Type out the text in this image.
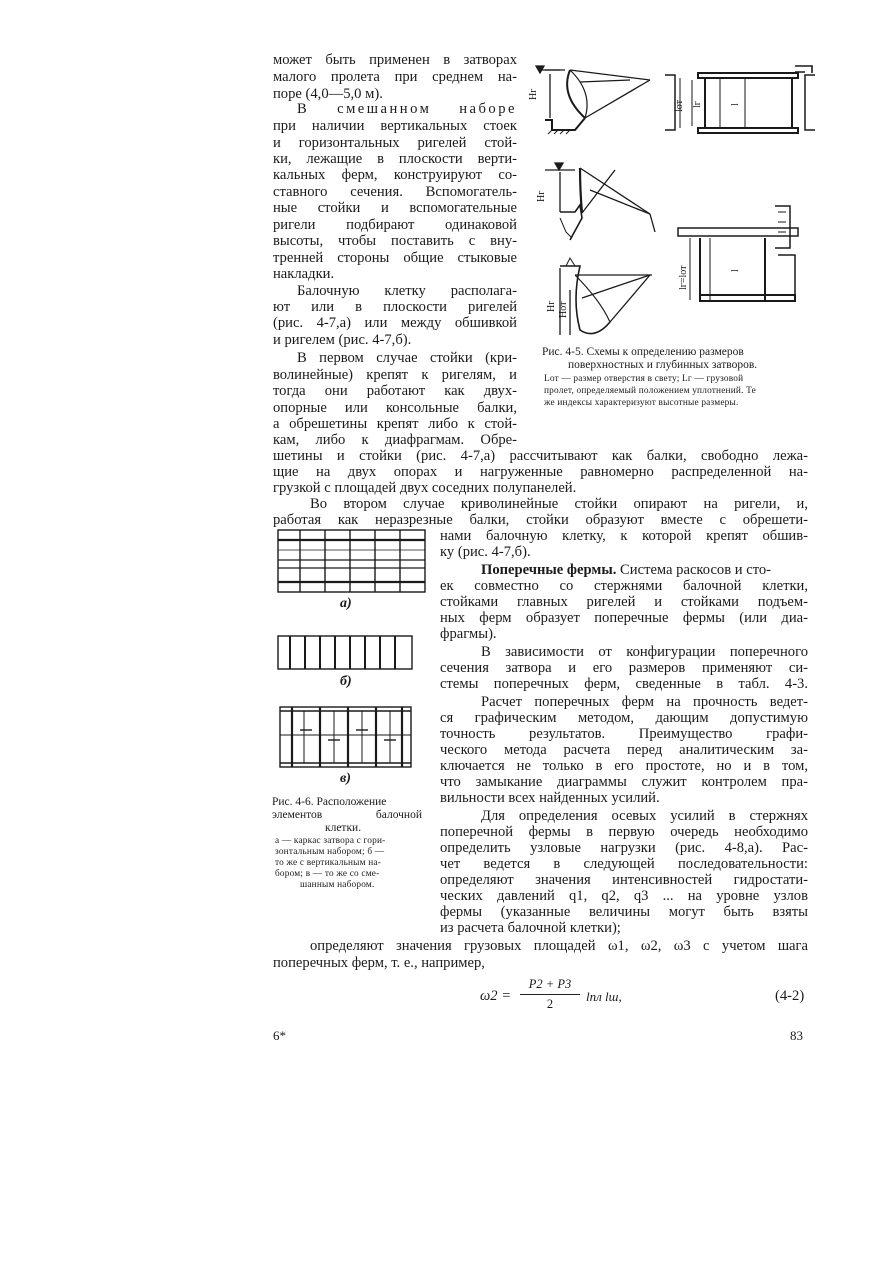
может быть применен в затворах
малого пролета при среднем на-
поре (4,0—5,0 м).
В смешанном наборе
при наличии вертикальных стоек
и горизонтальных ригелей стой-
ки, лежащие в плоскости верти-
кальных ферм, конструируют со-
ставного сечения. Вспомогатель-
ные стойки и вспомогательные
ригели подбирают одинаковой
высоты, чтобы поставить с вну-
тренней стороны общие стыковые
накладки.
Балочную клетку располага-
ют или в плоскости ригелей
(рис. 4-7,а) или между обшивкой
и ригелем (рис. 4-7,б).
В первом случае стойки (кри-
волинейные) крепят к ригелям, и
тогда они работают как двух-
опорные или консольные балки,
а обрешетины крепят либо к стой-
кам, либо к диафрагмам. Обре-
шетины и стойки (рис. 4-7,а) рассчитывают как балки, свободно лежа-
щие на двух опорах и нагруженные равномерно распределенной на-
грузкой с площадей двух соседних полупанелей.
Во втором случае криволинейные стойки опирают на ригели, и,
работая как неразрезные балки, стойки образуют вместе с обрешети-
нами балочную клетку, к которой крепят обшив-
ку (рис. 4-7,б).
Поперечные фермы. Система раскосов и сто-
ек совместно со стержнями балочной клетки,
стойками главных ригелей и стойками подъем-
ных ферм образует поперечные фермы (или диа-
фрагмы).
В зависимости от конфигурации поперечного
сечения затвора и его размеров применяют си-
стемы поперечных ферм, сведенные в табл. 4-3.
Расчет поперечных ферм на прочность ведет-
ся графическим методом, дающим допустимую
точность результатов. Преимущество графи-
ческого метода расчета перед аналитическим за-
ключается не только в его простоте, но и в том,
что замыкание диаграммы служит контролем пра-
вильности всех найденных усилий.
Для определения осевых усилий в стержнях
поперечной фермы в первую очередь необходимо
определить узловые нагрузки (рис. 4-8,а). Рас-
чет ведется в следующей последовательности:
определяют значения интенсивностей гидростати-
ческих давлений q1, q2, q3 ... на уровне узлов
фермы (указанные величины могут быть взяты
из расчета балочной клетки);
определяют значения грузовых площадей ω1, ω2, ω3 с учетом шага
поперечных ферм, т. е., например,
ω2 =
P2 + P3
2	lпл lш,	(4-2)
6*	83
Hг
lот lг	l
Hг
lг=lот	l
Hг Hот
Рис. 4-5. Схемы к определению размеров
поверхностных и глубинных затворов.
Lот — размер отверстия в свету; Lг — грузовой
пролет, определяемый положением уплотнений. Те
же индексы характеризуют высотные размеры.
а)
б)
в)
Рис. 4-6. Расположение
элементов балочной
клетки.
а — каркас затвора с гори-
зонтальным набором; б —
то же с вертикальным на-
бором; в — то же со сме-
шанным набором.
